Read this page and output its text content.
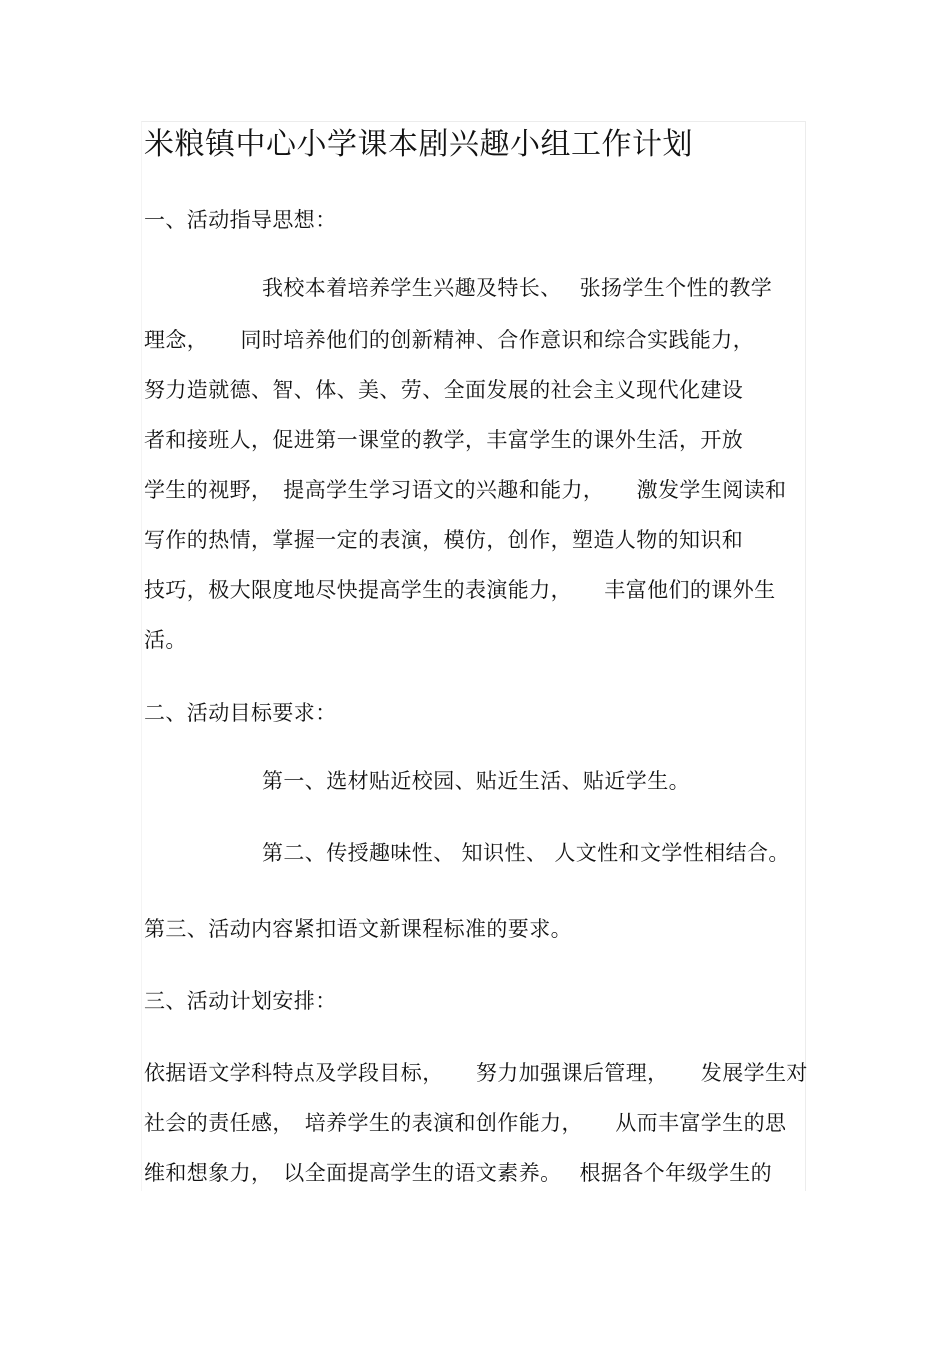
米粮镇中心小学课本剧兴趣小组工作计划
一、活动指导思想：
我校本着培养学生兴趣及特长、　 张扬学生个性的教学
理念，　　同时培养他们的创新精神、合作意识和综合实践能力，
努力造就德、智、体、美、劳、全面发展的社会主义现代化建设
者和接班人，促进第一课堂的教学，丰富学生的课外生活，开放
学生的视野，　提高学生学习语文的兴趣和能力，　　激发学生阅读和
写作的热情，掌握一定的表演，模仿，创作，塑造人物的知识和
技巧，极大限度地尽快提高学生的表演能力，　　丰富他们的课外生
活。
二、活动目标要求：
第一、选材贴近校园、贴近生活、贴近学生。
第二、传授趣味性、 知识性、 人文性和文学性相结合。
第三、活动内容紧扣语文新课程标准的要求。
三、活动计划安排：
依据语文学科特点及学段目标，　　努力加强课后管理，　　发展学生对
社会的责任感，　培养学生的表演和创作能力，　　从而丰富学生的思
维和想象力，　以全面提高学生的语文素养。　 根据各个年级学生的
